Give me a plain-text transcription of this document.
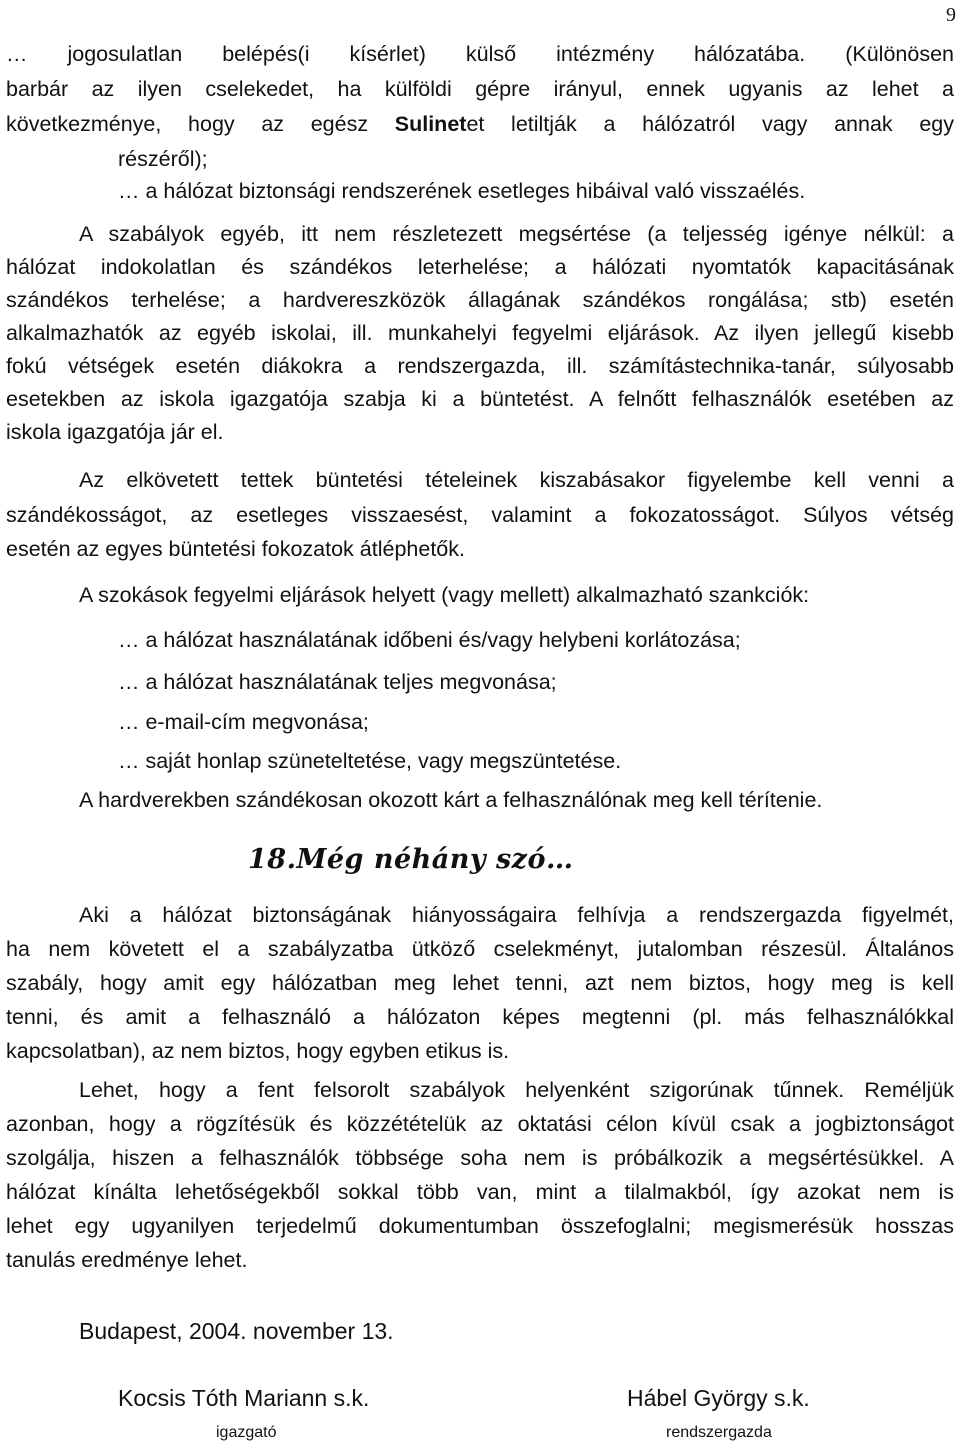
9
… jogosulatlan belépés(i kísérlet) külső intézmény hálózatába. (Különösen
barbár az ilyen cselekedet, ha külföldi gépre irányul, ennek ugyanis az lehet a
következménye, hogy az egész Sulinetet letiltják a hálózatról vagy annak egy
részéről);
… a hálózat biztonsági rendszerének esetleges hibáival való visszaélés.
A szabályok egyéb, itt nem részletezett megsértése (a teljesség igénye nélkül: a
hálózat indokolatlan és szándékos leterhelése; a hálózati nyomtatók kapacitásának
szándékos terhelése; a hardvereszközök állagának szándékos rongálása; stb) esetén
alkalmazhatók az egyéb iskolai, ill. munkahelyi fegyelmi eljárások. Az ilyen jellegű kisebb
fokú vétségek esetén diákokra a rendszergazda, ill. számítástechnika-tanár, súlyosabb
esetekben az iskola igazgatója szabja ki a büntetést. A felnőtt felhasználók esetében az
iskola igazgatója jár el.
Az elkövetett tettek büntetési tételeinek kiszabásakor figyelembe kell venni a
szándékosságot, az esetleges visszaesést, valamint a fokozatosságot. Súlyos vétség
esetén az egyes büntetési fokozatok átléphetők.
A szokások fegyelmi eljárások helyett (vagy mellett) alkalmazható szankciók:
… a hálózat használatának időbeni és/vagy helybeni korlátozása;
… a hálózat használatának teljes megvonása;
… e-mail-cím megvonása;
… saját honlap szüneteltetése, vagy megszüntetése.
A hardverekben szándékosan okozott kárt a felhasználónak meg kell térítenie.
18.Még néhány szó…
Aki a hálózat biztonságának hiányosságaira felhívja a rendszergazda figyelmét,
ha nem követett el a szabályzatba ütköző cselekményt, jutalomban részesül. Általános
szabály, hogy amit egy hálózatban meg lehet tenni, azt nem biztos, hogy meg is kell
tenni, és amit a felhasználó a hálózaton képes megtenni (pl. más felhasználókkal
kapcsolatban), az nem biztos, hogy egyben etikus is.
Lehet, hogy a fent felsorolt szabályok helyenként szigorúnak tűnnek. Reméljük
azonban, hogy a rögzítésük és közzétételük az oktatási célon kívül csak a jogbiztonságot
szolgálja, hiszen a felhasználók többsége soha nem is próbálkozik a megsértésükkel. A
hálózat kínálta lehetőségekből sokkal több van, mint a tilalmakból, így azokat nem is
lehet egy ugyanilyen terjedelmű dokumentumban összefoglalni; megismerésük hosszas
tanulás eredménye lehet.
Budapest, 2004. november 13.
Kocsis Tóth Mariann s.k.
igazgató
Hábel György s.k.
rendszergazda
